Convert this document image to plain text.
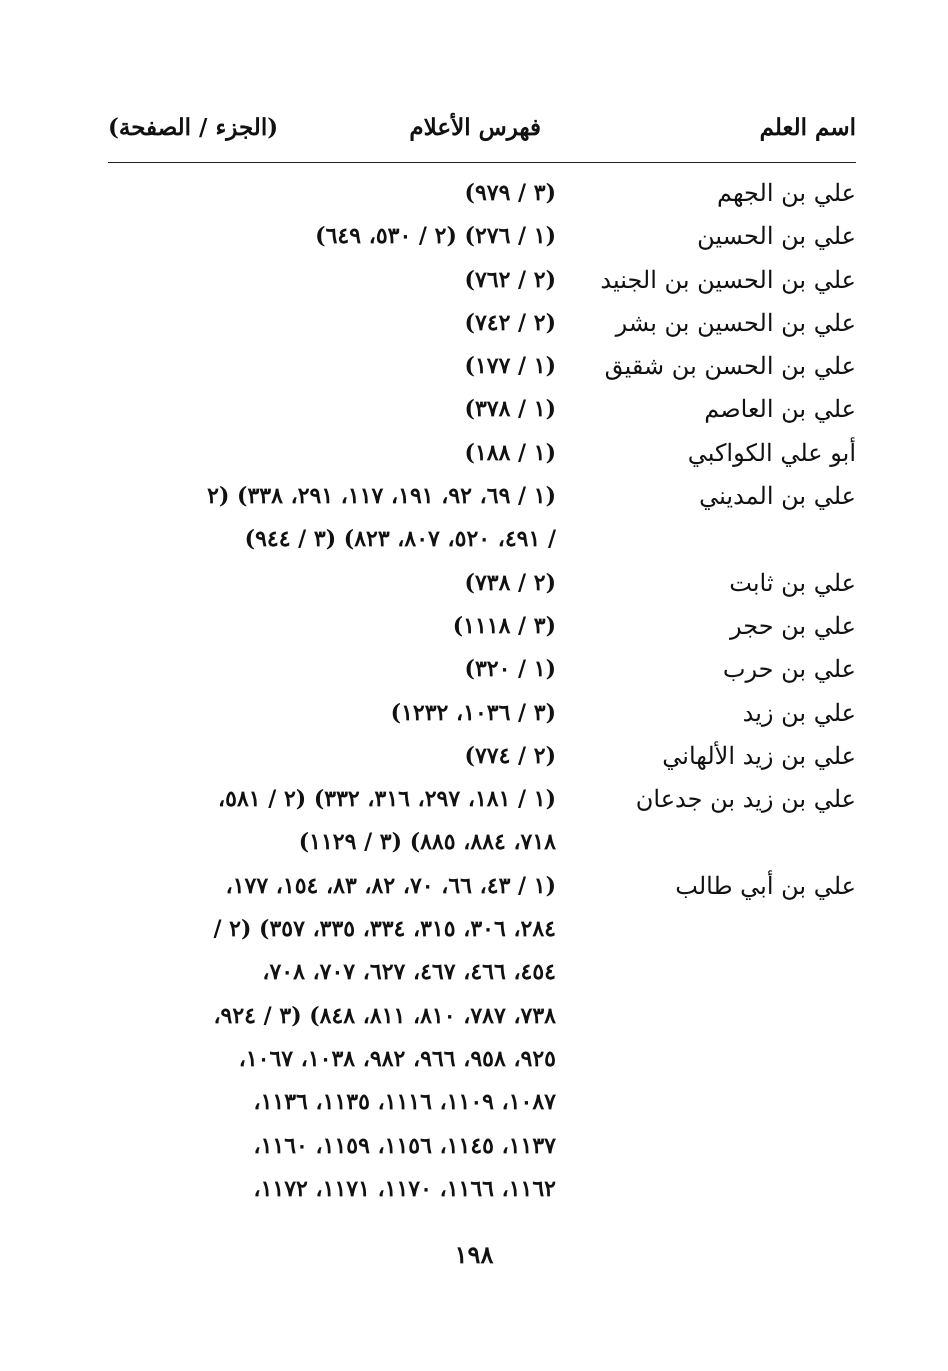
اسم العلم
فهرس الأعلام
(الجزء / الصفحة)
علي بن الجهم
(٣ / ٩٧٩)
علي بن الحسين
(١ / ٢٧٦) (٢ / ٥٣٠، ٦٤٩)
علي بن الحسين بن الجنيد
(٢ / ٧٦٢)
علي بن الحسين بن بشر
(٢ / ٧٤٢)
علي بن الحسن بن شقيق
(١ / ١٧٧)
علي بن العاصم
(١ / ٣٧٨)
أبو علي الكواكبي
(١ / ١٨٨)
علي بن المديني
(١ / ٦٩، ٩٢، ١٩١، ١١٧، ٢٩١، ٣٣٨) (٢
/ ٤٩١، ٥٢٠، ٨٠٧، ٨٢٣) (٣ / ٩٤٤)
علي بن ثابت
(٢ / ٧٣٨)
علي بن حجر
(٣ / ١١١٨)
علي بن حرب
(١ / ٣٢٠)
علي بن زيد
(٣ / ١٠٣٦، ١٢٣٢)
علي بن زيد الألهاني
(٢ / ٧٧٤)
علي بن زيد بن جدعان
(١ / ١٨١، ٢٩٧، ٣١٦، ٣٣٢) (٢ / ٥٨١،
٧١٨، ٨٨٤، ٨٨٥) (٣ / ١١٢٩)
علي بن أبي طالب
(١ / ٤٣، ٦٦، ٧٠، ٨٢، ٨٣، ١٥٤، ١٧٧،
٢٨٤، ٣٠٦، ٣١٥، ٣٣٤، ٣٣٥، ٣٥٧) (٢ /
٤٥٤، ٤٦٦، ٤٦٧، ٦٢٧، ٧٠٧، ٧٠٨،
٧٣٨، ٧٨٧، ٨١٠، ٨١١، ٨٤٨) (٣ / ٩٢٤،
٩٢٥، ٩٥٨، ٩٦٦، ٩٨٢، ١٠٣٨، ١٠٦٧،
١٠٨٧، ١١٠٩، ١١١٦، ١١٣٥، ١١٣٦،
١١٣٧، ١١٤٥، ١١٥٦، ١١٥٩، ١١٦٠،
١١٦٢، ١١٦٦، ١١٧٠، ١١٧١، ١١٧٢،
١٩٨
